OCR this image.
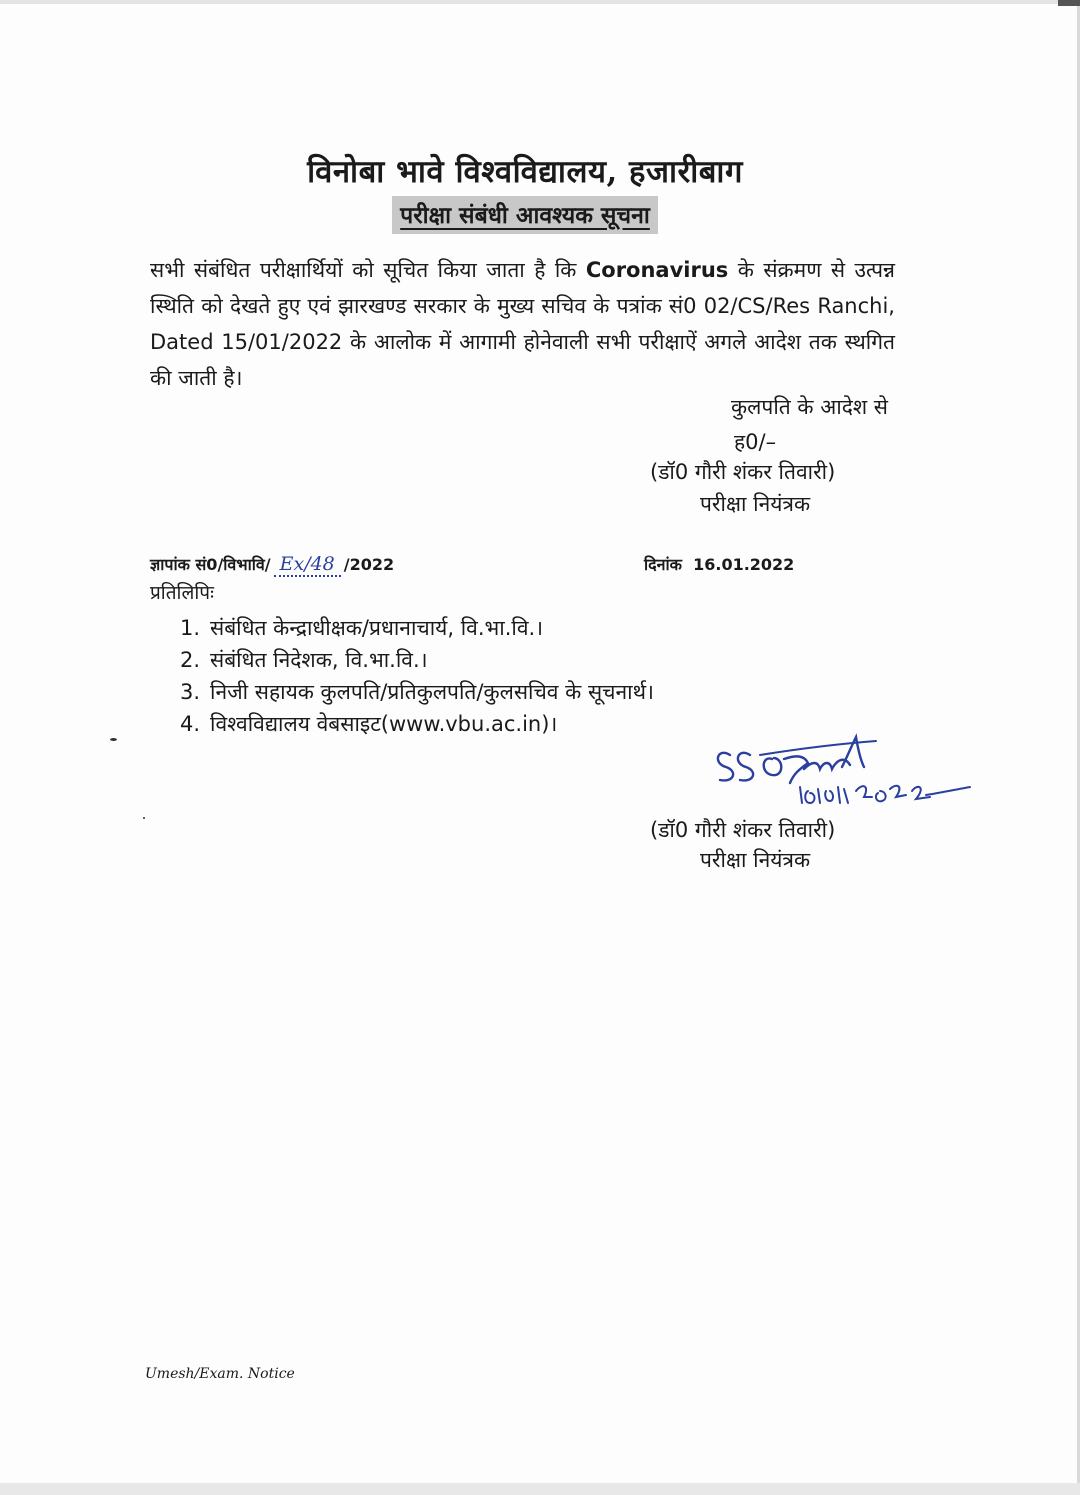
विनोबा भावे विश्वविद्यालय, हजारीबाग
परीक्षा संबंधी आवश्यक सूचना
सभी संबंधित परीक्षार्थियों को सूचित किया जाता है कि Coronavirus के संक्रमण से उत्पन्न स्थिति को देखते हुए एवं झारखण्ड सरकार के मुख्य सचिव के पत्रांक सं0 02/CS/Res Ranchi, Dated 15/01/2022 के आलोक में आगामी होनेवाली सभी परीक्षाऐं अगले आदेश तक स्थगित की जाती है।
कुलपति के आदेश से
ह0/–
(डॉ0 गौरी शंकर तिवारी)
परीक्षा नियंत्रक
ज्ञापांक सं0/विभावि/ Ex/48 /2022	दिनांक 16.01.2022
प्रतिलिपिः
1. संबंधित केन्द्राधीक्षक/प्रधानाचार्य, वि.भा.वि.।
2. संबंधित निदेशक, वि.भा.वि.।
3. निजी सहायक कुलपति/प्रतिकुलपति/कुलसचिव के सूचनार्थ।
4. विश्वविद्यालय वेबसाइट(www.vbu.ac.in)।
(डॉ0 गौरी शंकर तिवारी)
परीक्षा नियंत्रक
Umesh/Exam. Notice
